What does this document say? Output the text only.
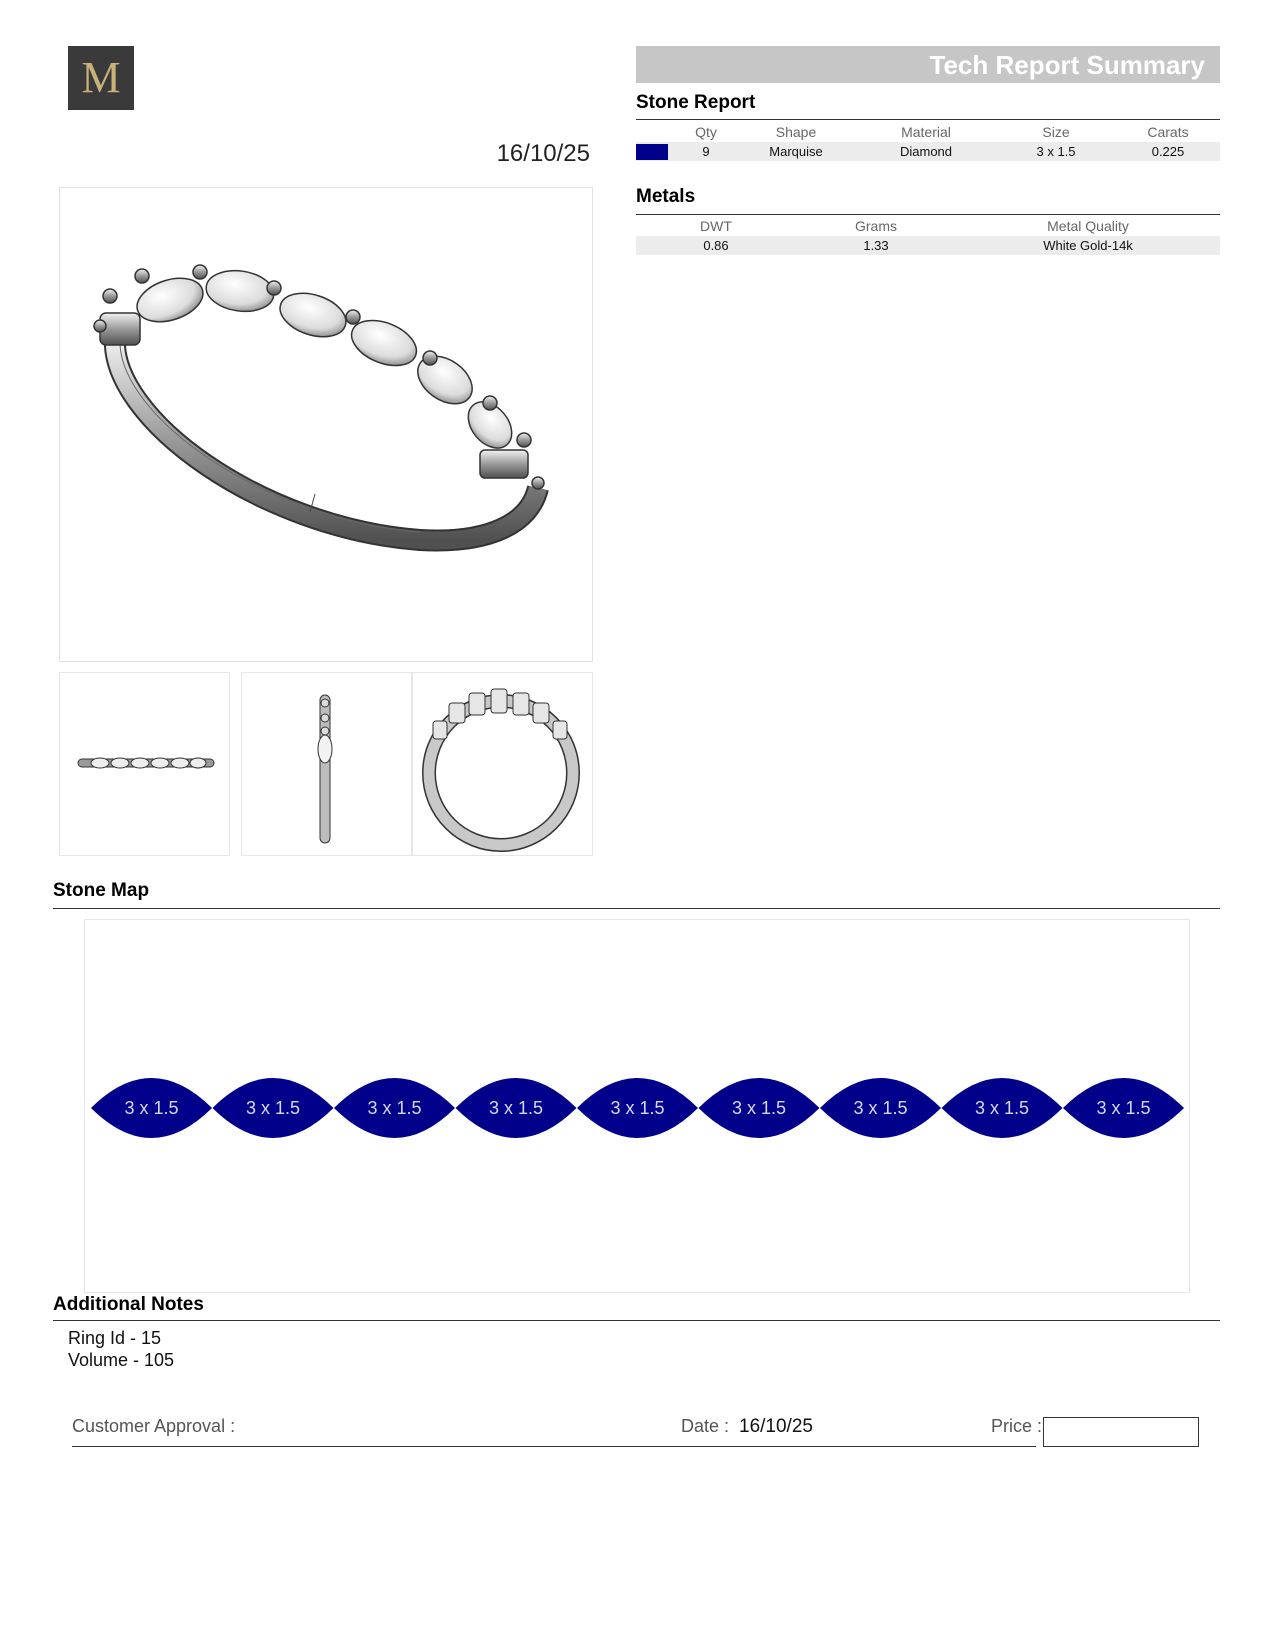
M
16/10/25
Tech Report Summary
Stone Report
	Qty	Shape	Material	Size	Carats

	9	Marquise	Diamond	3 x 1.5	0.225
Metals
DWT	Grams	Metal Quality
0.86	1.33	White Gold-14k
Stone Map
3 x 1.5	3 x 1.5	3 x 1.5	3 x 1.5	3 x 1.5	3 x 1.5	3 x 1.5	3 x 1.5	3 x 1.5
Additional Notes
Ring Id - 15
Volume - 105
Customer Approval :	Date : 16/10/25	Price :
